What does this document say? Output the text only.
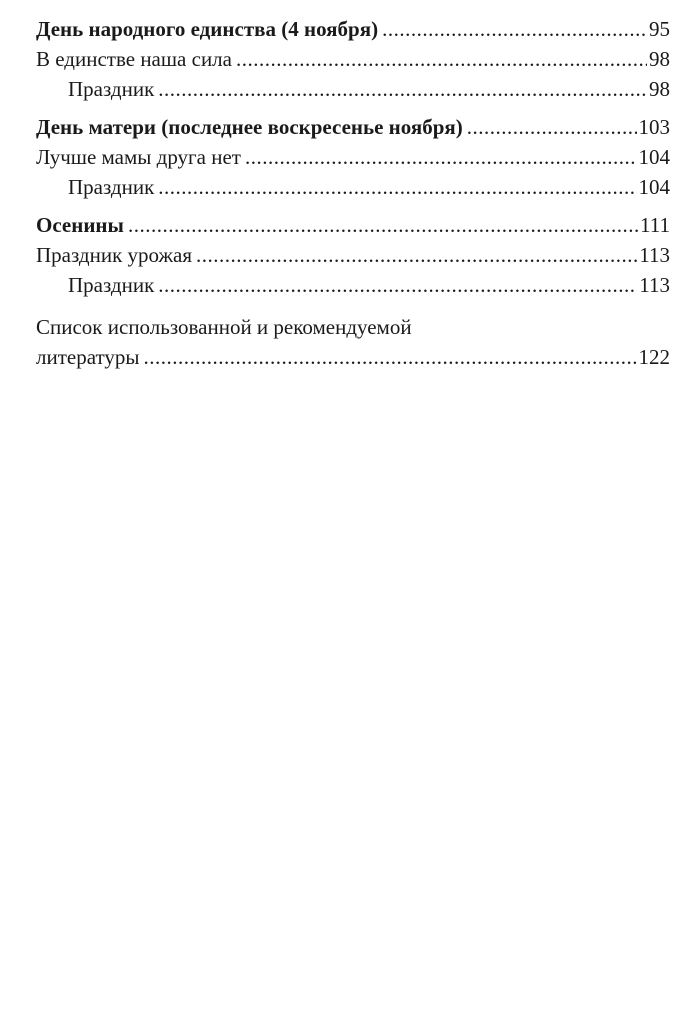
День народного единства (4 ноября) .....	95
В единстве наша сила .....	98
Праздник .....	98
День матери (последнее воскресенье ноября) .....	103
Лучше мамы друга нет .....	104
Праздник .....	104
Осенины .....	111
Праздник урожая .....	113
Праздник .....	113
Список использованной и рекомендуемой
литературы .....	122
